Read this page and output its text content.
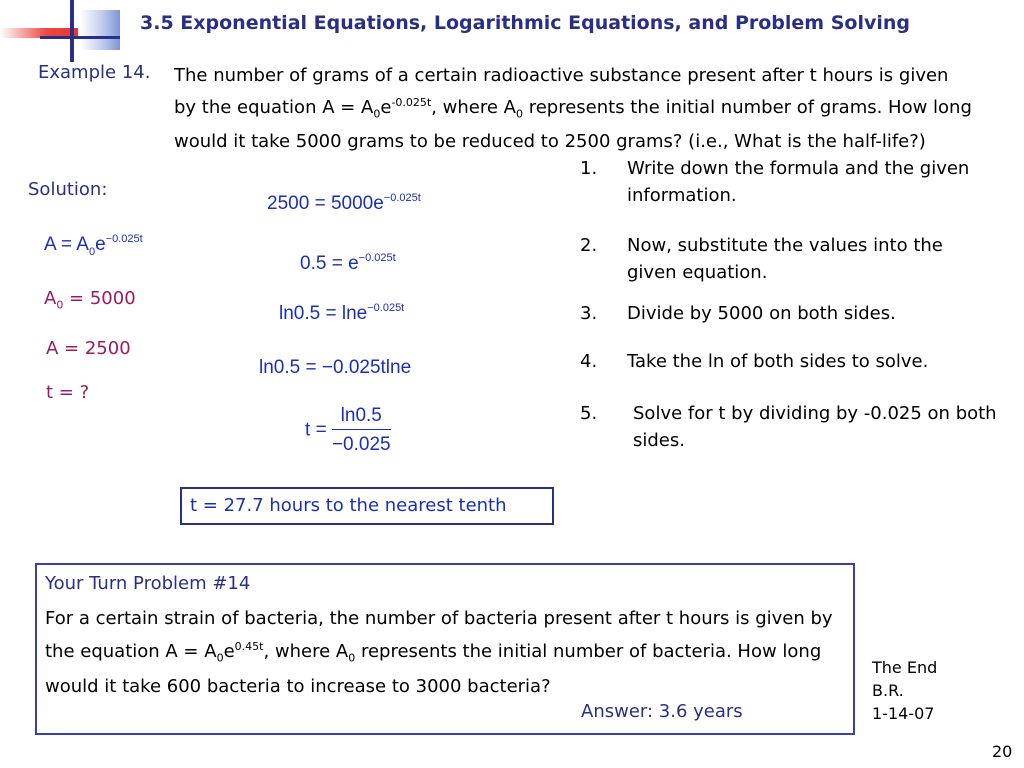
3.5 Exponential Equations, Logarithmic Equations, and Problem Solving
Example 14. The number of grams of a certain radioactive substance present after t hours is given by the equation $A = A_0e^{-0.025t}$, where $A_0$ represents the initial number of grams. How long would it take 5000 grams to be reduced to 2500 grams? (i.e., What is the half-life?)
Solution:
$A = A_0e^{-0.025t}$
$A_0 = 5000$
A = 2500
t = ?
$2500 = 5000e^{-0.025t}$
$0.5 = e^{-0.025t}$
ln0.5 = lne$^{-0.025t}$
ln0.5 = −0.025tlne
$t = \frac{\ln 0.5}{-0.025}$
1. Write down the formula and the given information.
2. Now, substitute the values into the given equation.
3. Divide by 5000 on both sides.
4. Take the ln of both sides to solve.
5. Solve for t by dividing by -0.025 on both sides.
t = 27.7 hours to the nearest tenth
Your Turn Problem #14
For a certain strain of bacteria, the number of bacteria present after t hours is given by the equation $A = A_0e^{0.45t}$, where $A_0$ represents the initial number of bacteria. How long would it take 600 bacteria to increase to 3000 bacteria?
Answer: 3.6 years
The End
B.R.
1-14-07
20
